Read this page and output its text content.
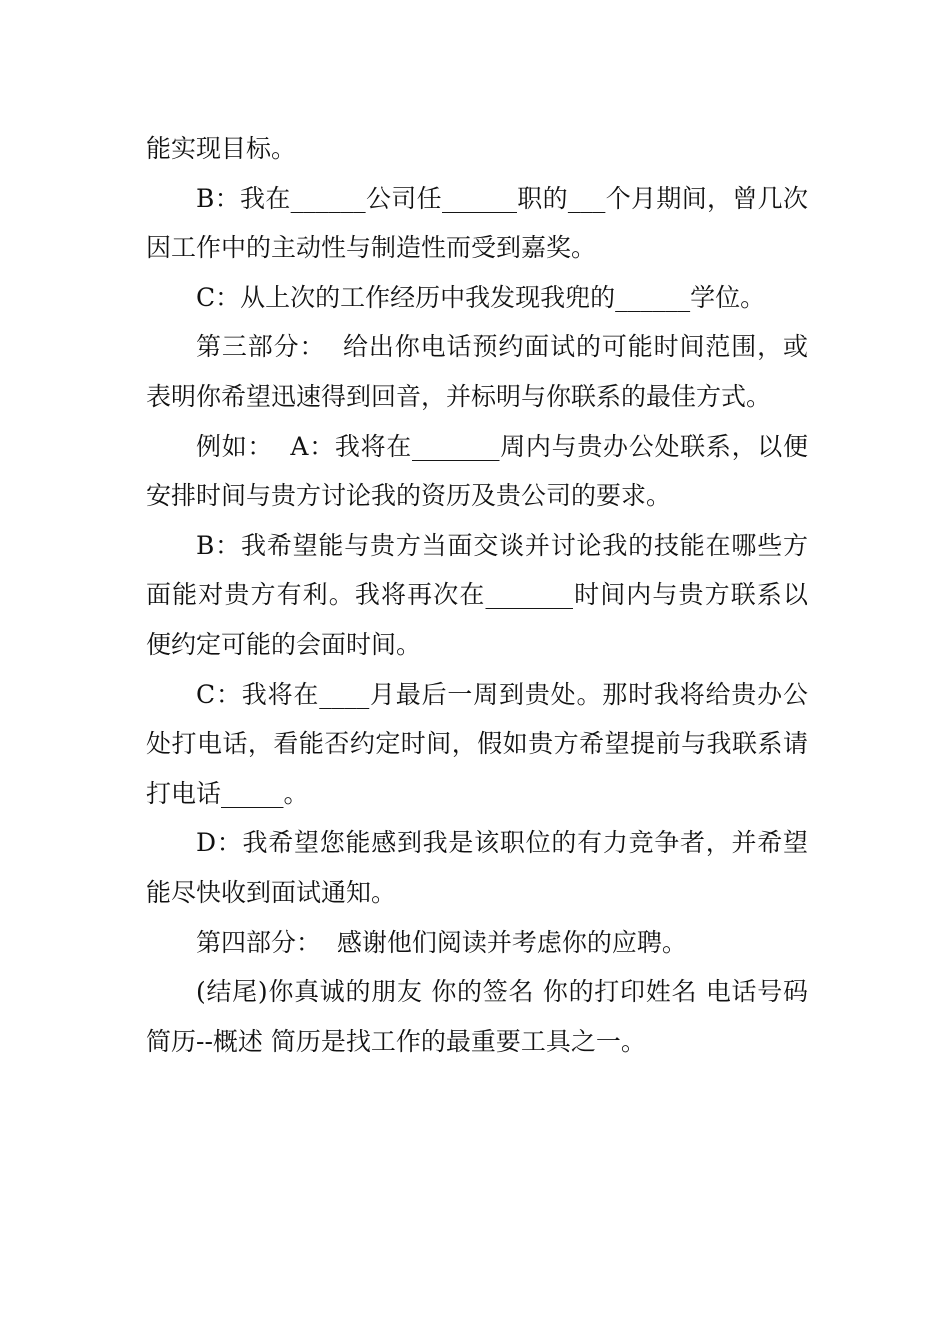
能实现目标。

B：我在______公司任______职的___个月期间，曾几次因工作中的主动性与制造性而受到嘉奖。

C：从上次的工作经历中我发现我兜的______学位。

第三部分：  给出你电话预约面试的可能时间范围，或表明你希望迅速得到回音，并标明与你联系的最佳方式。

例如：  A：我将在_______周内与贵办公处联系，以便安排时间与贵方讨论我的资历及贵公司的要求。

B：我希望能与贵方当面交谈并讨论我的技能在哪些方面能对贵方有利。我将再次在_______时间内与贵方联系以便约定可能的会面时间。

C：我将在____月最后一周到贵处。那时我将给贵办公处打电话，看能否约定时间，假如贵方希望提前与我联系请打电话_____。

D：我希望您能感到我是该职位的有力竞争者，并希望能尽快收到面试通知。

第四部分：  感谢他们阅读并考虑你的应聘。

(结尾)你真诚的朋友 你的签名 你的打印姓名 电话号码 简历--概述 简历是找工作的最重要工具之一。
